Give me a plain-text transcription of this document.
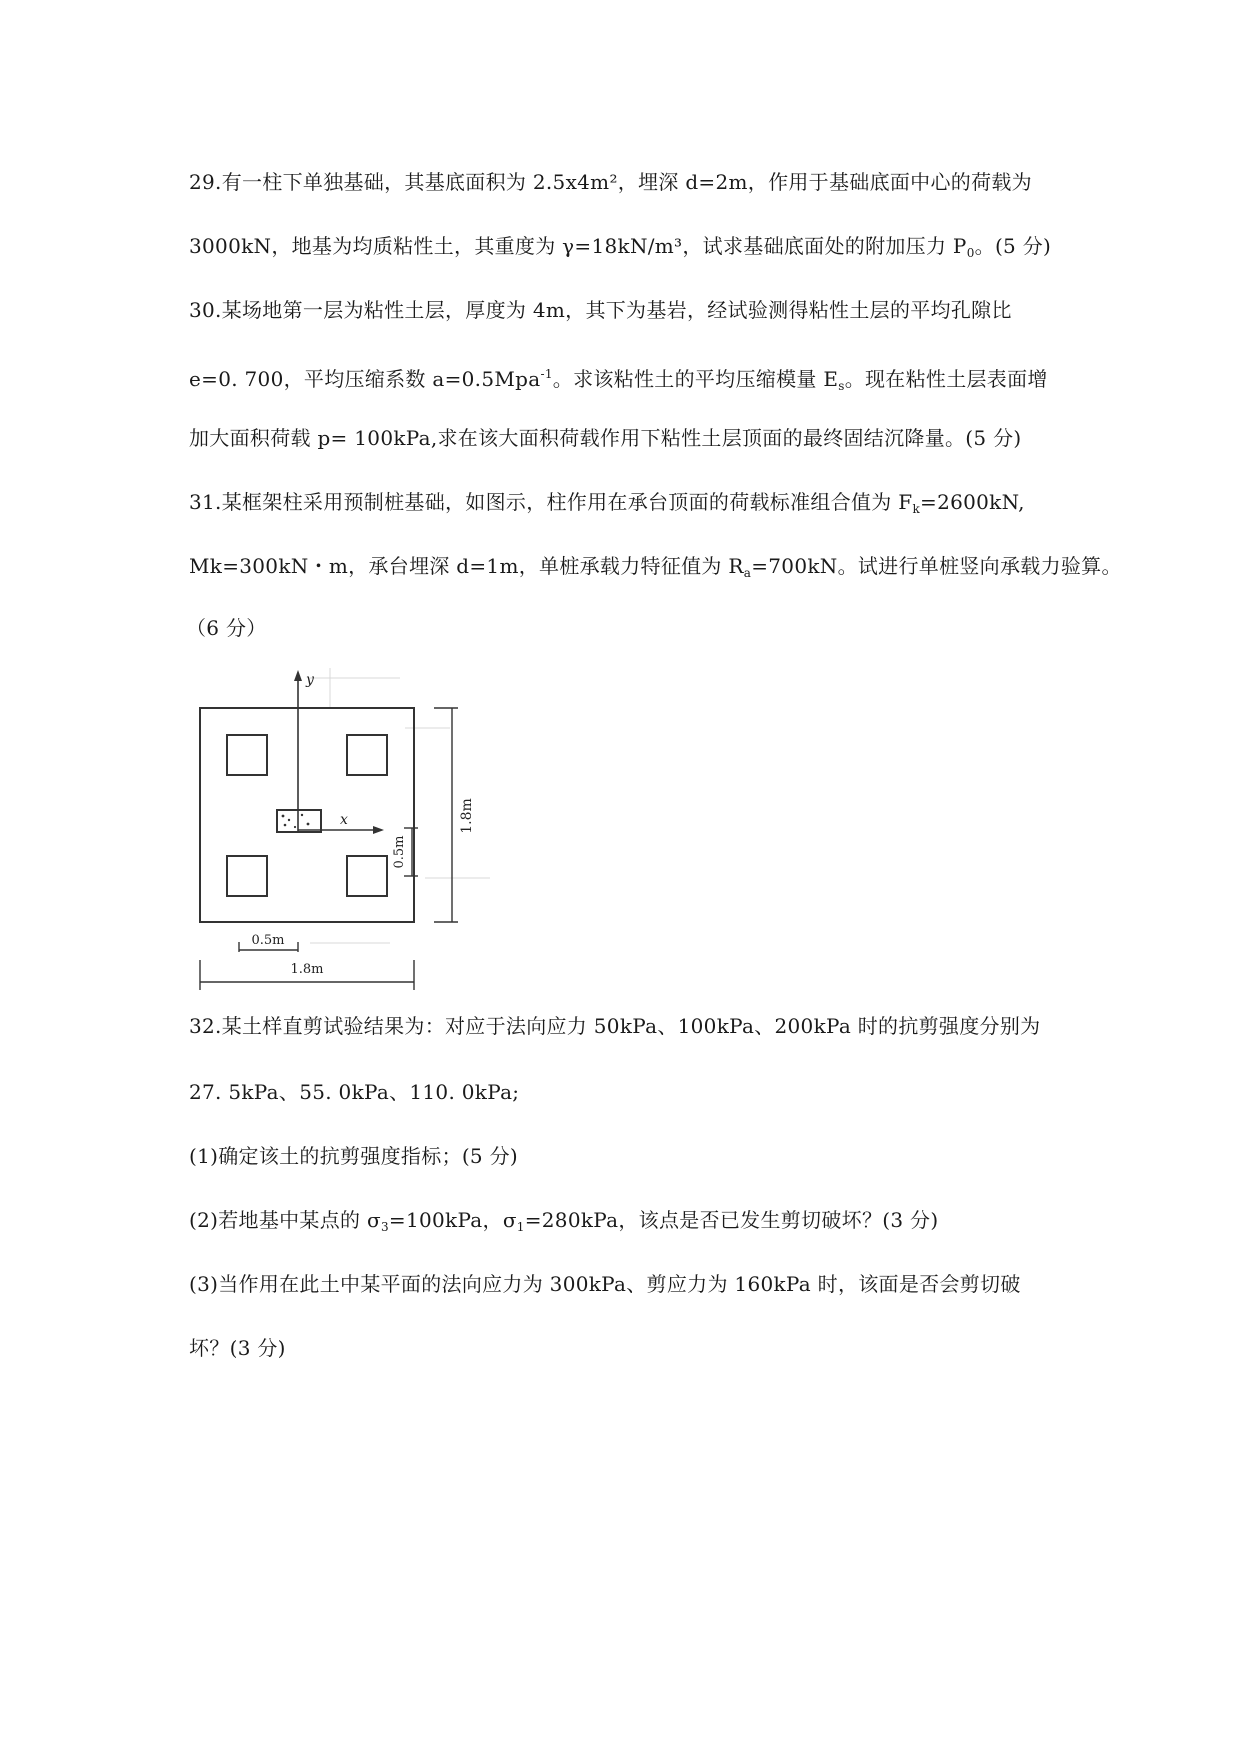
29.有一柱下单独基础，其基底面积为 2.5x4m²，埋深 d=2m，作用于基础底面中心的荷载为
3000kN，地基为均质粘性土，其重度为 γ=18kN/m³，试求基础底面处的附加压力 $P_0$。(5 分)
30.某场地第一层为粘性土层，厚度为 4m，其下为基岩，经试验测得粘性土层的平均孔隙比
e=0. 700，平均压缩系数 a=0.5Mpa$^{-1}$。求该粘性土的平均压缩模量 $E_s$。现在粘性土层表面增
加大面积荷载 p= 100kPa,求在该大面积荷载作用下粘性土层顶面的最终固结沉降量。(5 分)
31.某框架柱采用预制桩基础，如图示，柱作用在承台顶面的荷载标准组合值为 $F_k=2600kN$,
Mk=300kN・m，承台埋深 d=1m，单桩承载力特征值为 $R_a=700kN$。试进行单桩竖向承载力验算。
（6 分）
y
x	1.8m
0.5m
0.5m
1.8m
32.某土样直剪试验结果为：对应于法向应力 50kPa、100kPa、200kPa 时的抗剪强度分别为
27. 5kPa、55. 0kPa、110. 0kPa;
(1)确定该土的抗剪强度指标；(5 分)
(2)若地基中某点的 $\sigma_3=100kPa$，$\sigma_1=280kPa$，该点是否已发生剪切破坏？(3 分)
(3)当作用在此土中某平面的法向应力为 300kPa、剪应力为 160kPa 时，该面是否会剪切破
坏？(3 分)
